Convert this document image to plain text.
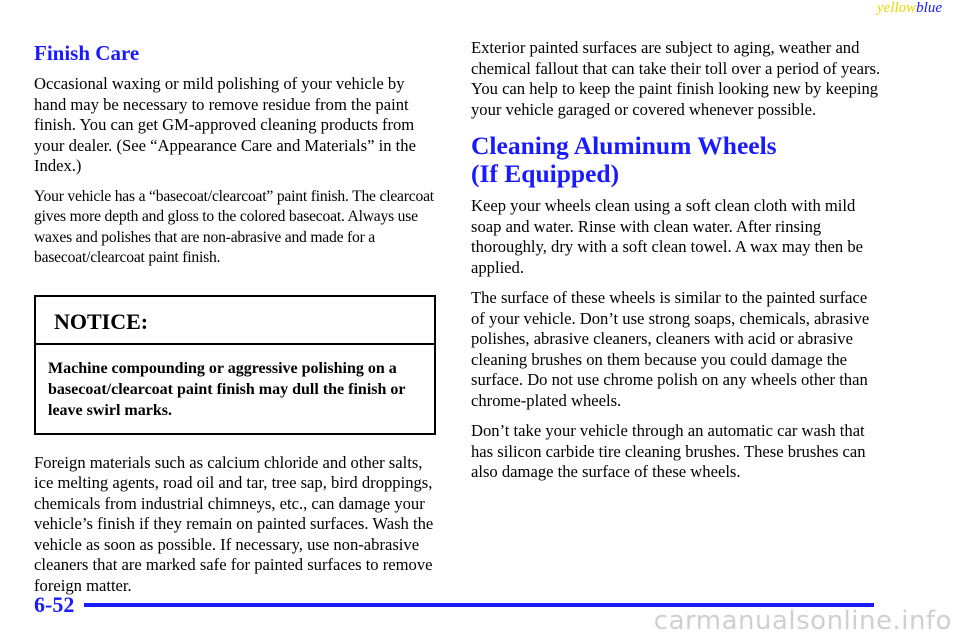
yellowblue
Finish Care

Occasional waxing or mild polishing of your vehicle by hand may be necessary to remove residue from the paint finish. You can get GM‑approved cleaning products from your dealer. (See “Appearance Care and Materials” in the Index.)

Your vehicle has a “basecoat/clearcoat” paint finish. The clearcoat gives more depth and gloss to the colored basecoat. Always use waxes and polishes that are non‑abrasive and made for a basecoat/clearcoat paint finish.

NOTICE:
Machine compounding or aggressive polishing on a basecoat/clearcoat paint finish may dull the finish or leave swirl marks.

Foreign materials such as calcium chloride and other salts, ice melting agents, road oil and tar, tree sap, bird droppings, chemicals from industrial chimneys, etc., can damage your vehicle’s finish if they remain on painted surfaces. Wash the vehicle as soon as possible. If necessary, use non‑abrasive cleaners that are marked safe for painted surfaces to remove foreign matter.

Exterior painted surfaces are subject to aging, weather and chemical fallout that can take their toll over a period of years. You can help to keep the paint finish looking new by keeping your vehicle garaged or covered whenever possible.

Cleaning Aluminum Wheels
(If Equipped)

Keep your wheels clean using a soft clean cloth with mild soap and water. Rinse with clean water. After rinsing thoroughly, dry with a soft clean towel. A wax may then be applied.

The surface of these wheels is similar to the painted surface of your vehicle. Don’t use strong soaps, chemicals, abrasive polishes, abrasive cleaners, cleaners with acid or abrasive cleaning brushes on them because you could damage the surface. Do not use chrome polish on any wheels other than chrome‑plated wheels.

Don’t take your vehicle through an automatic car wash that has silicon carbide tire cleaning brushes. These brushes can also damage the surface of these wheels.

6-52
carmanualsonline.info
